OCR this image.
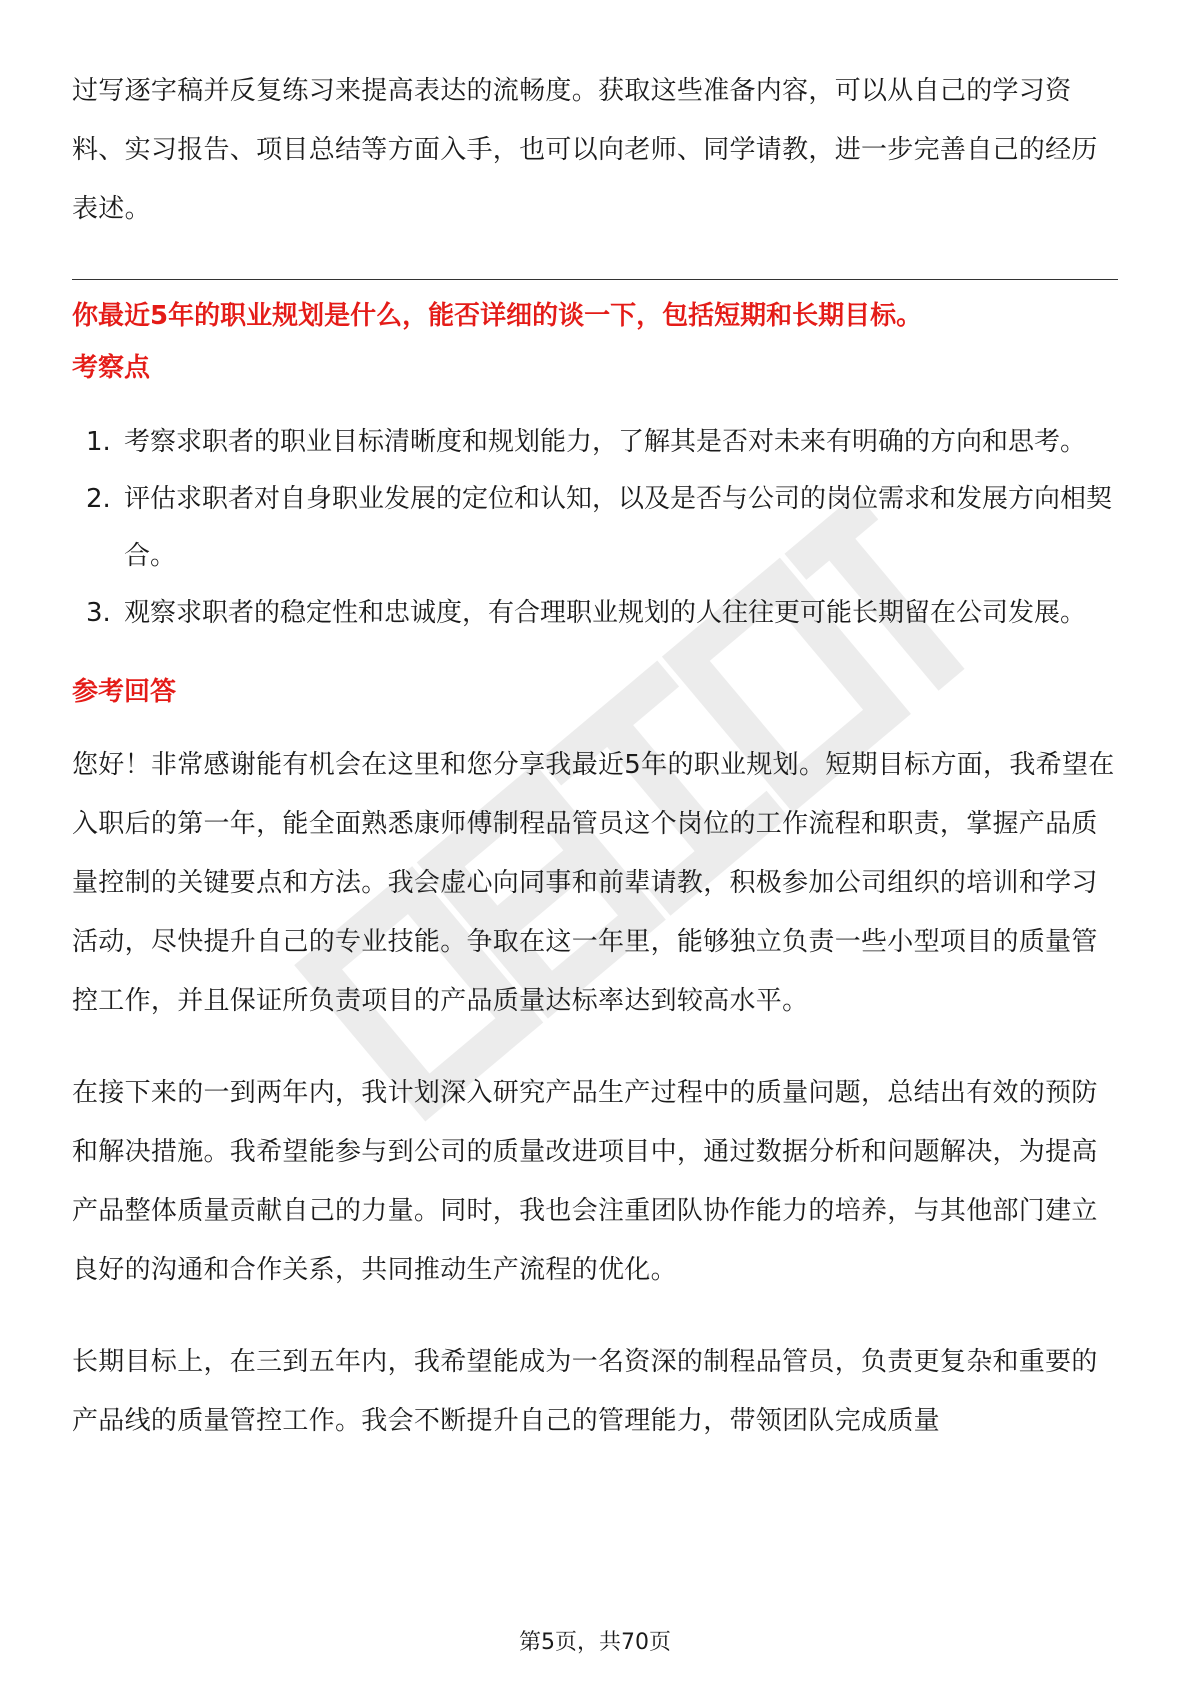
过写逐字稿并反复练习来提高表达的流畅度。获取这些准备内容，可以从自己的学习资料、实习报告、项目总结等方面入手，也可以向老师、同学请教，进一步完善自己的经历表述。

你最近5年的职业规划是什么，能否详细的谈一下，包括短期和长期目标。
考察点
1. 考察求职者的职业目标清晰度和规划能力，了解其是否对未来有明确的方向和思考。
2. 评估求职者对自身职业发展的定位和认知，以及是否与公司的岗位需求和发展方向相契合。
3. 观察求职者的稳定性和忠诚度，有合理职业规划的人往往更可能长期留在公司发展。
参考回答

您好！非常感谢能有机会在这里和您分享我最近5年的职业规划。短期目标方面，我希望在入职后的第一年，能全面熟悉康师傅制程品管员这个岗位的工作流程和职责，掌握产品质量控制的关键要点和方法。我会虚心向同事和前辈请教，积极参加公司组织的培训和学习活动，尽快提升自己的专业技能。争取在这一年里，能够独立负责一些小型项目的质量管控工作，并且保证所负责项目的产品质量达标率达到较高水平。

在接下来的一到两年内，我计划深入研究产品生产过程中的质量问题，总结出有效的预防和解决措施。我希望能参与到公司的质量改进项目中，通过数据分析和问题解决，为提高产品整体质量贡献自己的力量。同时，我也会注重团队协作能力的培养，与其他部门建立良好的沟通和合作关系，共同推动生产流程的优化。

长期目标上，在三到五年内，我希望能成为一名资深的制程品管员，负责更复杂和重要的产品线的质量管控工作。我会不断提升自己的管理能力，带领团队完成质量

第5页，共70页
